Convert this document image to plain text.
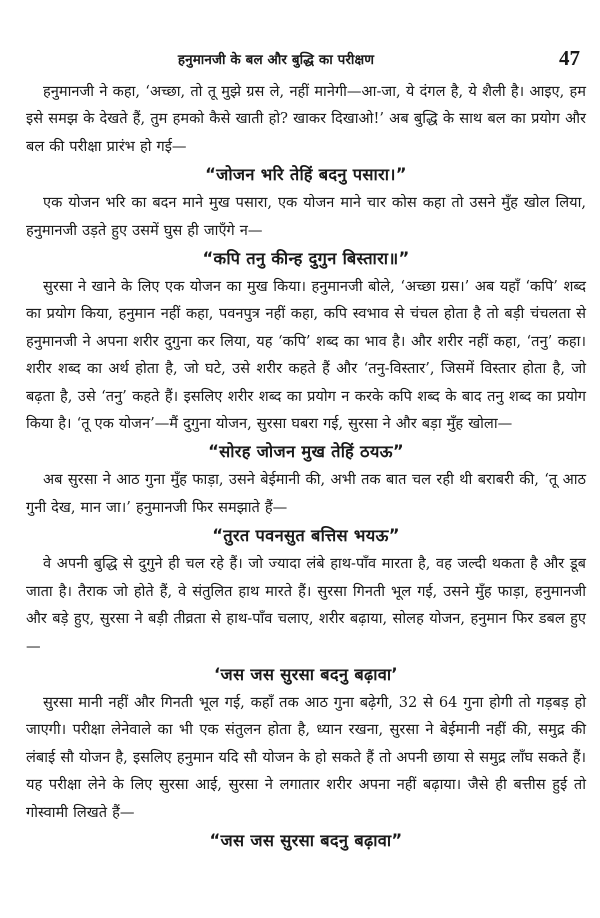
हनुमानजी के बल और बुद्धि का परीक्षण	47

हनुमानजी ने कहा, ‘अच्छा, तो तू मुझे ग्रस ले, नहीं मानेगी—आ-जा, ये दंगल है, ये शैली है। आइए, हम इसे समझ के देखते हैं, तुम हमको कैसे खाती हो? खाकर दिखाओ!’ अब बुद्धि के साथ बल का प्रयोग और बल की परीक्षा प्रारंभ हो गई—

“जोजन भरि तेहिं बदनु पसारा।”

एक योजन भरि का बदन माने मुख पसारा, एक योजन माने चार कोस कहा तो उसने मुँह खोल लिया, हनुमानजी उड़ते हुए उसमें घुस ही जाएँगे न—

“कपि तनु कीन्ह दुगुन बिस्तारा॥”

सुरसा ने खाने के लिए एक योजन का मुख किया। हनुमानजी बोले, ‘अच्छा ग्रस।’ अब यहाँ ‘कपि’ शब्द का प्रयोग किया, हनुमान नहीं कहा, पवनपुत्र नहीं कहा, कपि स्वभाव से चंचल होता है तो बड़ी चंचलता से हनुमानजी ने अपना शरीर दुगुना कर लिया, यह ‘कपि’ शब्द का भाव है। और शरीर नहीं कहा, ‘तनु’ कहा। शरीर शब्द का अर्थ होता है, जो घटे, उसे शरीर कहते हैं और ‘तनु-विस्तार’, जिसमें विस्तार होता है, जो बढ़ता है, उसे ‘तनु’ कहते हैं। इसलिए शरीर शब्द का प्रयोग न करके कपि शब्द के बाद तनु शब्द का प्रयोग किया है। ‘तू एक योजन’—मैं दुगुना योजन, सुरसा घबरा गई, सुरसा ने और बड़ा मुँह खोला—

“सोरह जोजन मुख तेहिं ठयऊ”

अब सुरसा ने आठ गुना मुँह फाड़ा, उसने बेईमानी की, अभी तक बात चल रही थी बराबरी की, ‘तू आठ गुनी देख, मान जा।’ हनुमानजी फिर समझाते हैं—

“तुरत पवनसुत बत्तिस भयऊ”

वे अपनी बुद्धि से दुगुने ही चल रहे हैं। जो ज्यादा लंबे हाथ-पाँव मारता है, वह जल्दी थकता है और डूब जाता है। तैराक जो होते हैं, वे संतुलित हाथ मारते हैं। सुरसा गिनती भूल गई, उसने मुँह फाड़ा, हनुमानजी और बड़े हुए, सुरसा ने बड़ी तीव्रता से हाथ-पाँव चलाए, शरीर बढ़ाया, सोलह योजन, हनुमान फिर डबल हुए—

‘जस जस सुरसा बदनु बढ़ावा’

सुरसा मानी नहीं और गिनती भूल गई, कहाँ तक आठ गुना बढ़ेगी, 32 से 64 गुना होगी तो गड़बड़ हो जाएगी। परीक्षा लेनेवाले का भी एक संतुलन होता है, ध्यान रखना, सुरसा ने बेईमानी नहीं की, समुद्र की लंबाई सौ योजन है, इसलिए हनुमान यदि सौ योजन के हो सकते हैं तो अपनी छाया से समुद्र लाँघ सकते हैं। यह परीक्षा लेने के लिए सुरसा आई, सुरसा ने लगातार शरीर अपना नहीं बढ़ाया। जैसे ही बत्तीस हुई तो गोस्वामी लिखते हैं—

“जस जस सुरसा बदनु बढ़ावा”
